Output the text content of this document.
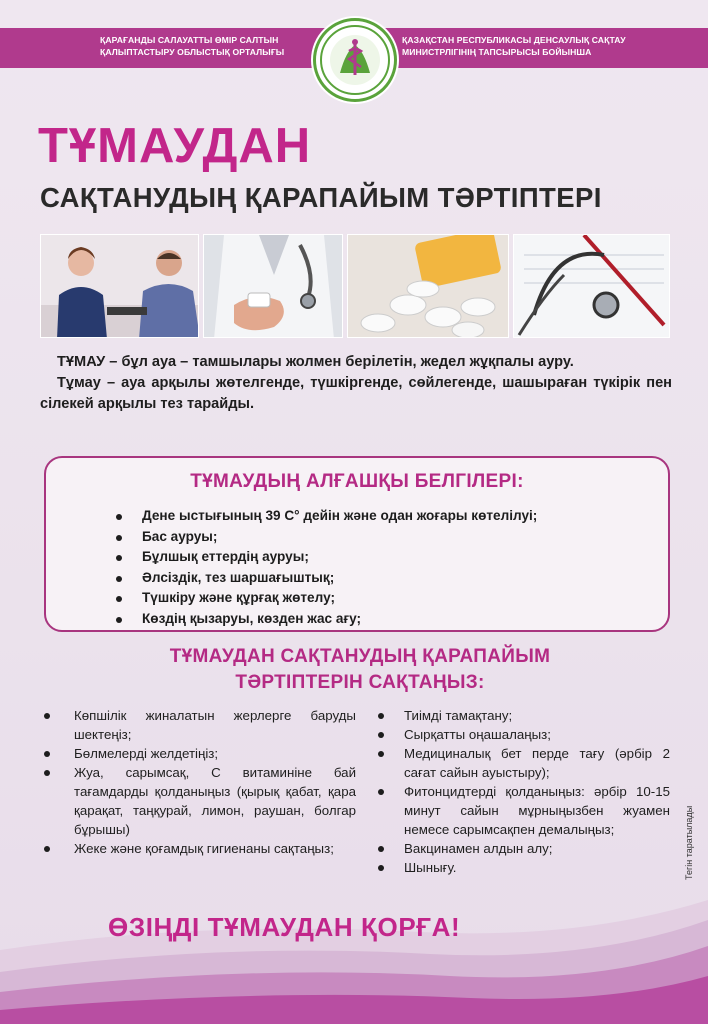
ҚАРАҒАНДЫ САЛАУАТТЫ ӨМІР САЛТЫН
ҚАЛЫПТАСТЫРУ ОБЛЫСТЫҚ ОРТАЛЫҒЫ
ҚАЗАҚСТАН РЕСПУБЛИКАСЫ ДЕНСАУЛЫҚ САҚТАУ
МИНИСТРЛІГІНІҢ ТАПСЫРЫСЫ БОЙЫНША
ТҰМАУДАН
САҚТАНУДЫҢ ҚАРАПАЙЫМ ТӘРТІПТЕРІ

ТҰМАУ – бұл ауа – тамшылары жолмен берілетін, жедел жұқпалы ауру.

Тұмау – ауа арқылы жөтелгенде, түшкіргенде, сөйлегенде, шашыраған түкірік пен сілекей арқылы тез тарайды.

ТҰМАУДЫҢ АЛҒАШҚЫ БЕЛГІЛЕРІ:
Дене ыстығының 39 С° дейін және одан жоғары көтелілуі;
Бас ауруы;
Бұлшық еттердің ауруы;
Әлсіздік, тез шаршағыштық;
Түшкіру және құрғақ жөтелу;
Көздің қызаруы, көзден жас ағу;
ТҰМАУДАН САҚТАНУДЫҢ ҚАРАПАЙЫМ
ТӘРТІПТЕРІН САҚТАҢЫЗ:
Көпшілік жиналатын жерлерге баруды шектеңіз;
Бөлмелерді желдетіңіз;
Жуа, сарымсақ, С витаминіне бай тағамдарды қолданыңыз (қырық қабат, қара қарақат, таңқурай, лимон, раушан, болгар бұрышы)
Жеке және қоғамдық гигиенаны сақтаңыз;
Тиімді тамақтану;
Сырқатты оңашалаңыз;
Медициналық бет перде тағу (әрбір 2 сағат сайын ауыстыру);
Фитонцидтерді қолданыңыз: әрбір 10-15 минут сайын мұрныңызбен жуамен немесе сарымсақпен демалыңыз;
Вакцинамен алдын алу;
Шынығу.	Тегін таратылады
ӨЗІҢДІ ТҰМАУДАН ҚОРҒА!
